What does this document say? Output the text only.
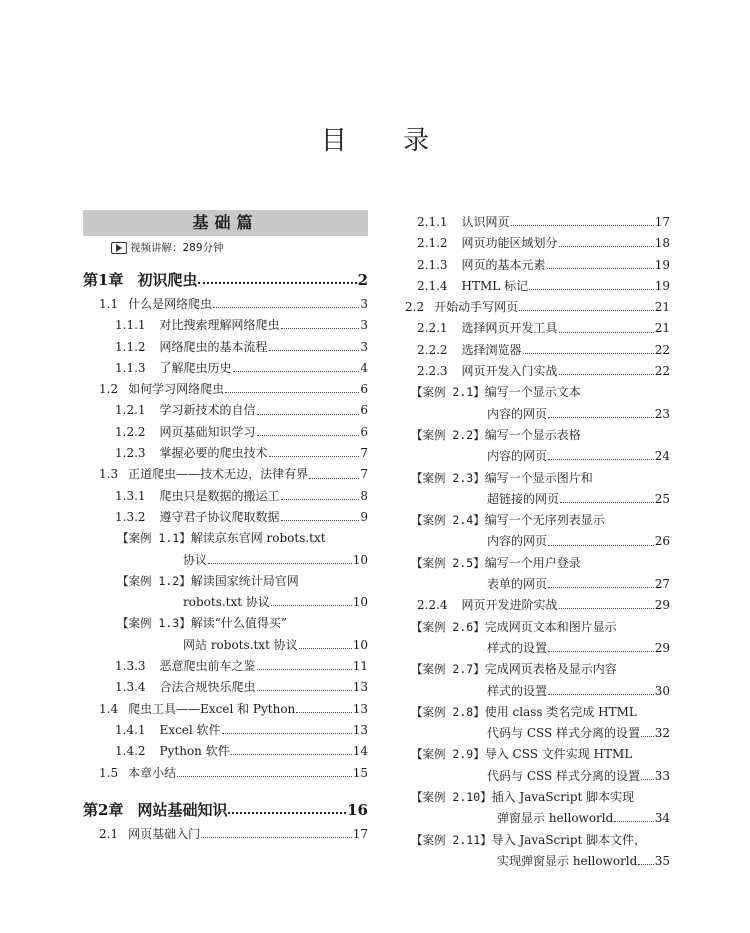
目 录
基础篇
视频讲解：289分钟
第1章 初识爬虫	2
1.1 什么是网络爬虫	3
1.1.1 对比搜索理解网络爬虫	3
1.1.2 网络爬虫的基本流程	3
1.1.3 了解爬虫历史	4
1.2 如何学习网络爬虫	6
1.2.1 学习新技术的自信	6
1.2.2 网页基础知识学习	6
1.2.3 掌握必要的爬虫技术	7
1.3 正道爬虫——技术无边，法律有界	7
1.3.1 爬虫只是数据的搬运工	8
1.3.2 遵守君子协议爬取数据	9
【案例 1.1】解读京东官网 robots.txt
协议	10
【案例 1.2】解读国家统计局官网
robots.txt 协议	10
【案例 1.3】解读“什么值得买”
网站 robots.txt 协议	10
1.3.3 恶意爬虫前车之鉴	11
1.3.4 合法合规快乐爬虫	13
1.4 爬虫工具——Excel 和 Python	13
1.4.1 Excel 软件	13
1.4.2 Python 软件	14
1.5 本章小结	15
第2章 网站基础知识	16
2.1 网页基础入门	17
2.1.1 认识网页	17
2.1.2 网页功能区域划分	18
2.1.3 网页的基本元素	19
2.1.4 HTML 标记	19
2.2 开始动手写网页	21
2.2.1 选择网页开发工具	21
2.2.2 选择浏览器	22
2.2.3 网页开发入门实战	22
【案例 2.1】编写一个显示文本
内容的网页	23
【案例 2.2】编写一个显示表格
内容的网页	24
【案例 2.3】编写一个显示图片和
超链接的网页	25
【案例 2.4】编写一个无序列表显示
内容的网页	26
【案例 2.5】编写一个用户登录
表单的网页	27
2.2.4 网页开发进阶实战	29
【案例 2.6】完成网页文本和图片显示
样式的设置	29
【案例 2.7】完成网页表格及显示内容
样式的设置	30
【案例 2.8】使用 class 类名完成 HTML
代码与 CSS 样式分离的设置 32
【案例 2.9】导入 CSS 文件实现 HTML
代码与 CSS 样式分离的设置 33
【案例 2.10】插入 JavaScript 脚本实现
弹窗显示 helloworld	34
【案例 2.11】导入 JavaScript 脚本文件，
实现弹窗显示 helloworld 35
